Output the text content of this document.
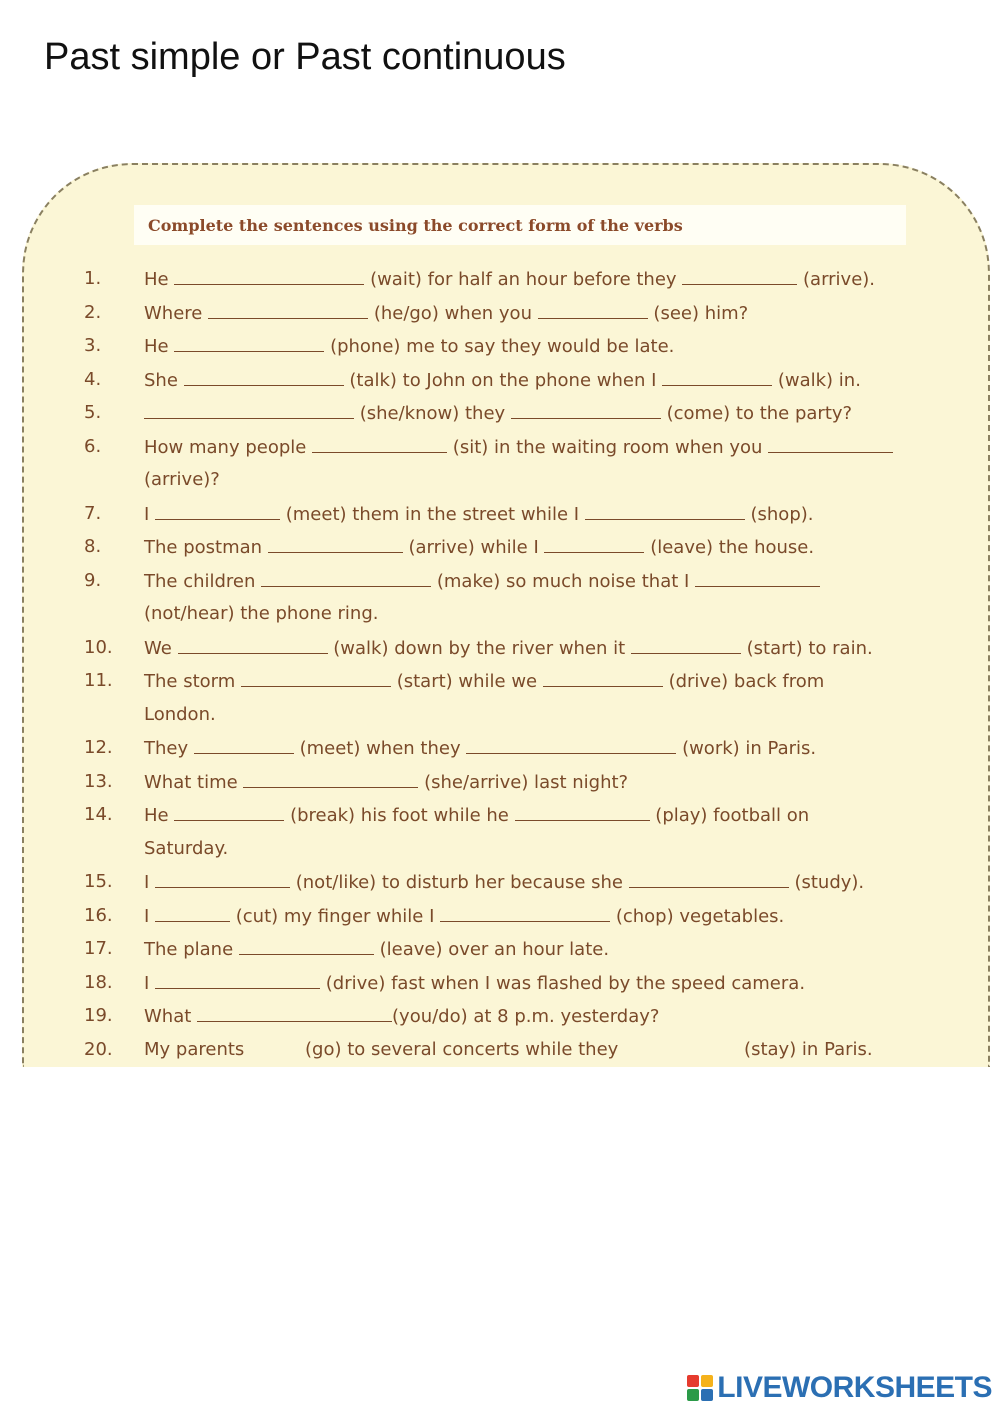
Past simple or Past continuous
Complete the sentences using the correct form of the verbs
1. He	(wait) for half an hour before they	(arrive).
2. Where	(he/go) when you	(see) him?
3. He	(phone) me to say they would be late.
4. She	(talk) to John on the phone when I	(walk) in.
5.	(she/know) they	(come) to the party?
6. How many people	(sit) in the waiting room when you
(arrive)?
7. I	(meet) them in the street while I	(shop).
8. The postman	(arrive) while I	(leave) the house.
9. The children	(make) so much noise that I
(not/hear) the phone ring.
10. We	(walk) down by the river when it	(start) to rain.
11. The storm	(start) while we	(drive) back from
London.
12. They	(meet) when they	(work) in Paris.
13. What time	(she/arrive) last night?
14. He	(break) his foot while he	(play) football on
Saturday.
15. I	(not/like) to disturb her because she	(study).
16. I	(cut) my finger while I	(chop) vegetables.
17. The plane	(leave) over an hour late.
18. I	(drive) fast when I was flashed by the speed camera.
19. What	(you/do) at 8 p.m. yesterday?
20. My parents	(go) to several concerts while they	(stay) in Paris.
LIVEWORKSHEETS
